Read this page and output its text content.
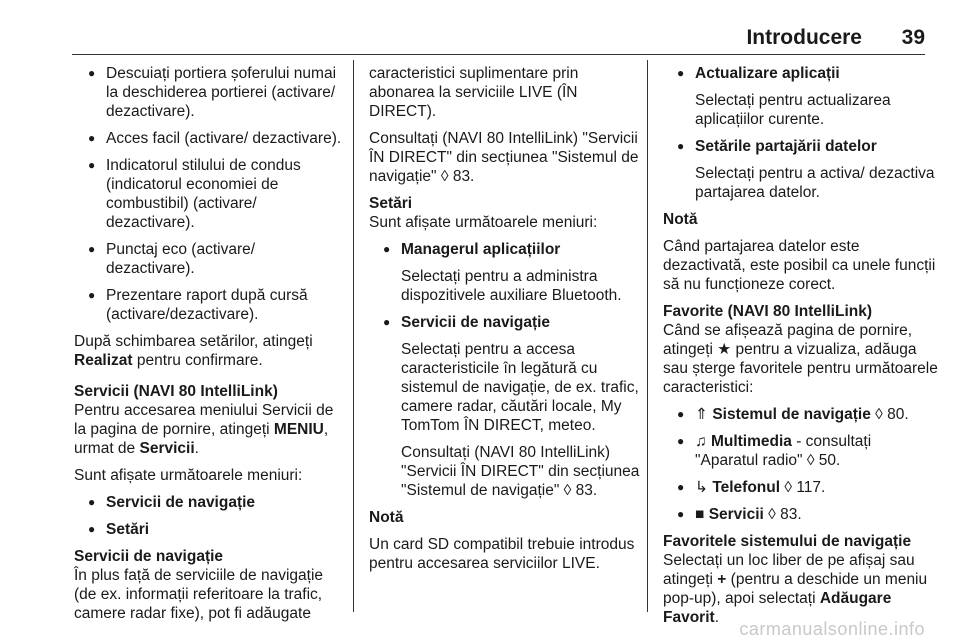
Introducere 39
● Descuiați portiera șoferului numai la deschiderea portierei (activare/ dezactivare).
● Acces facil (activare/ dezactivare).
● Indicatorul stilului de condus (indicatorul economiei de combustibil) (activare/ dezactivare).
● Punctaj eco (activare/ dezactivare).
● Prezentare raport după cursă (activare/dezactivare).

După schimbarea setărilor, atingeți Realizat pentru confirmare.

Servicii (NAVI 80 IntelliLink)

Pentru accesarea meniului Servicii de la pagina de pornire, atingeți MENIU, urmat de Servicii.

Sunt afișate următoarele meniuri:

● Servicii de navigație
● Setări

Servicii de navigație

În plus față de serviciile de navigație (de ex. informații referitoare la trafic, camere radar fixe), pot fi adăugate

caracteristici suplimentare prin abonarea la serviciile LIVE (ÎN DIRECT).

Consultați (NAVI 80 IntelliLink) "Servicii ÎN DIRECT" din secțiunea "Sistemul de navigație" ◊ 83.

Setări

Sunt afișate următoarele meniuri:

● Managerul aplicațiilor

Selectați pentru a administra dispozitivele auxiliare Bluetooth.

● Servicii de navigație

Selectați pentru a accesa caracteristicile în legătură cu sistemul de navigație, de ex. trafic, camere radar, căutări locale, My TomTom ÎN DIRECT, meteo.

Consultați (NAVI 80 IntelliLink) "Servicii ÎN DIRECT" din secțiunea "Sistemul de navigație" ◊ 83.

Notă

Un card SD compatibil trebuie introdus pentru accesarea serviciilor LIVE.

● Actualizare aplicații

Selectați pentru actualizarea aplicațiilor curente.

● Setările partajării datelor

Selectați pentru a activa/ dezactiva partajarea datelor.

Notă

Când partajarea datelor este dezactivată, este posibil ca unele funcții să nu funcționeze corect.

Favorite (NAVI 80 IntelliLink)

Când se afișează pagina de pornire, atingeți ★ pentru a vizualiza, adăuga sau șterge favoritele pentru următoarele caracteristici:

● ⇑ Sistemul de navigație ◊ 80.
● ♫ Multimedia - consultați "Aparatul radio" ◊ 50.
● ↳ Telefonul ◊ 117.
● ■ Servicii ◊ 83.

Favoritele sistemului de navigație

Selectați un loc liber de pe afișaj sau atingeți + (pentru a deschide un meniu pop-up), apoi selectați Adăugare Favorit.

carmanualsonline.info
